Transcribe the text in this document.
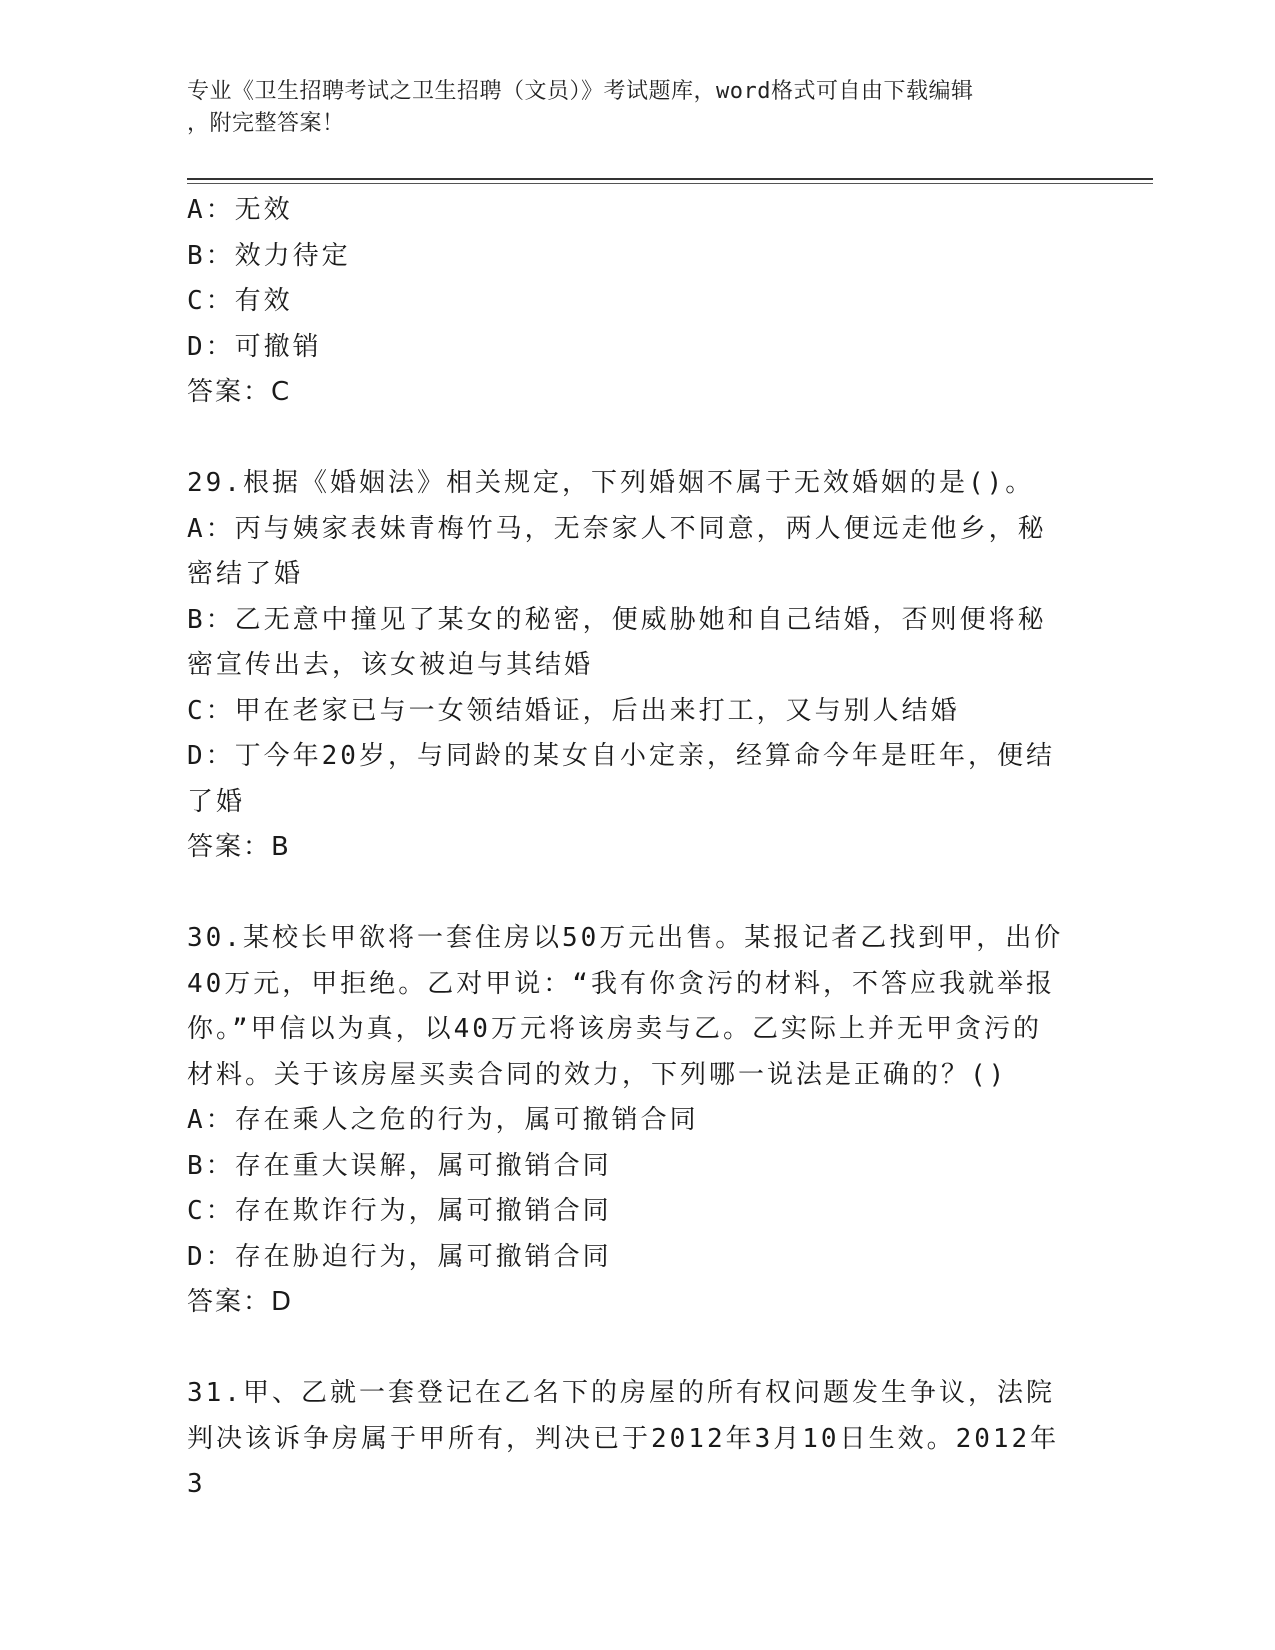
专业《卫生招聘考试之卫生招聘（文员）》考试题库，word格式可自由下载编辑
，附完整答案！

A：无效

B：效力待定

C：有效

D：可撤销

答案：C

29.根据《婚姻法》相关规定，下列婚姻不属于无效婚姻的是()。

A：丙与姨家表妹青梅竹马，无奈家人不同意，两人便远走他乡，秘密结了婚

B：乙无意中撞见了某女的秘密，便威胁她和自己结婚，否则便将秘密宣传出去，该女被迫与其结婚

C：甲在老家已与一女领结婚证，后出来打工，又与别人结婚

D：丁今年20岁，与同龄的某女自小定亲，经算命今年是旺年，便结了婚

答案：B

30.某校长甲欲将一套住房以50万元出售。某报记者乙找到甲，出价40万元，甲拒绝。乙对甲说：“我有你贪污的材料，不答应我就举报你。”甲信以为真，以40万元将该房卖与乙。乙实际上并无甲贪污的材料。关于该房屋买卖合同的效力，下列哪一说法是正确的？()

A：存在乘人之危的行为，属可撤销合同

B：存在重大误解，属可撤销合同

C：存在欺诈行为，属可撤销合同

D：存在胁迫行为，属可撤销合同

答案：D

31.甲、乙就一套登记在乙名下的房屋的所有权问题发生争议，法院判决该诉争房属于甲所有，判决已于2012年3月10日生效。2012年3
